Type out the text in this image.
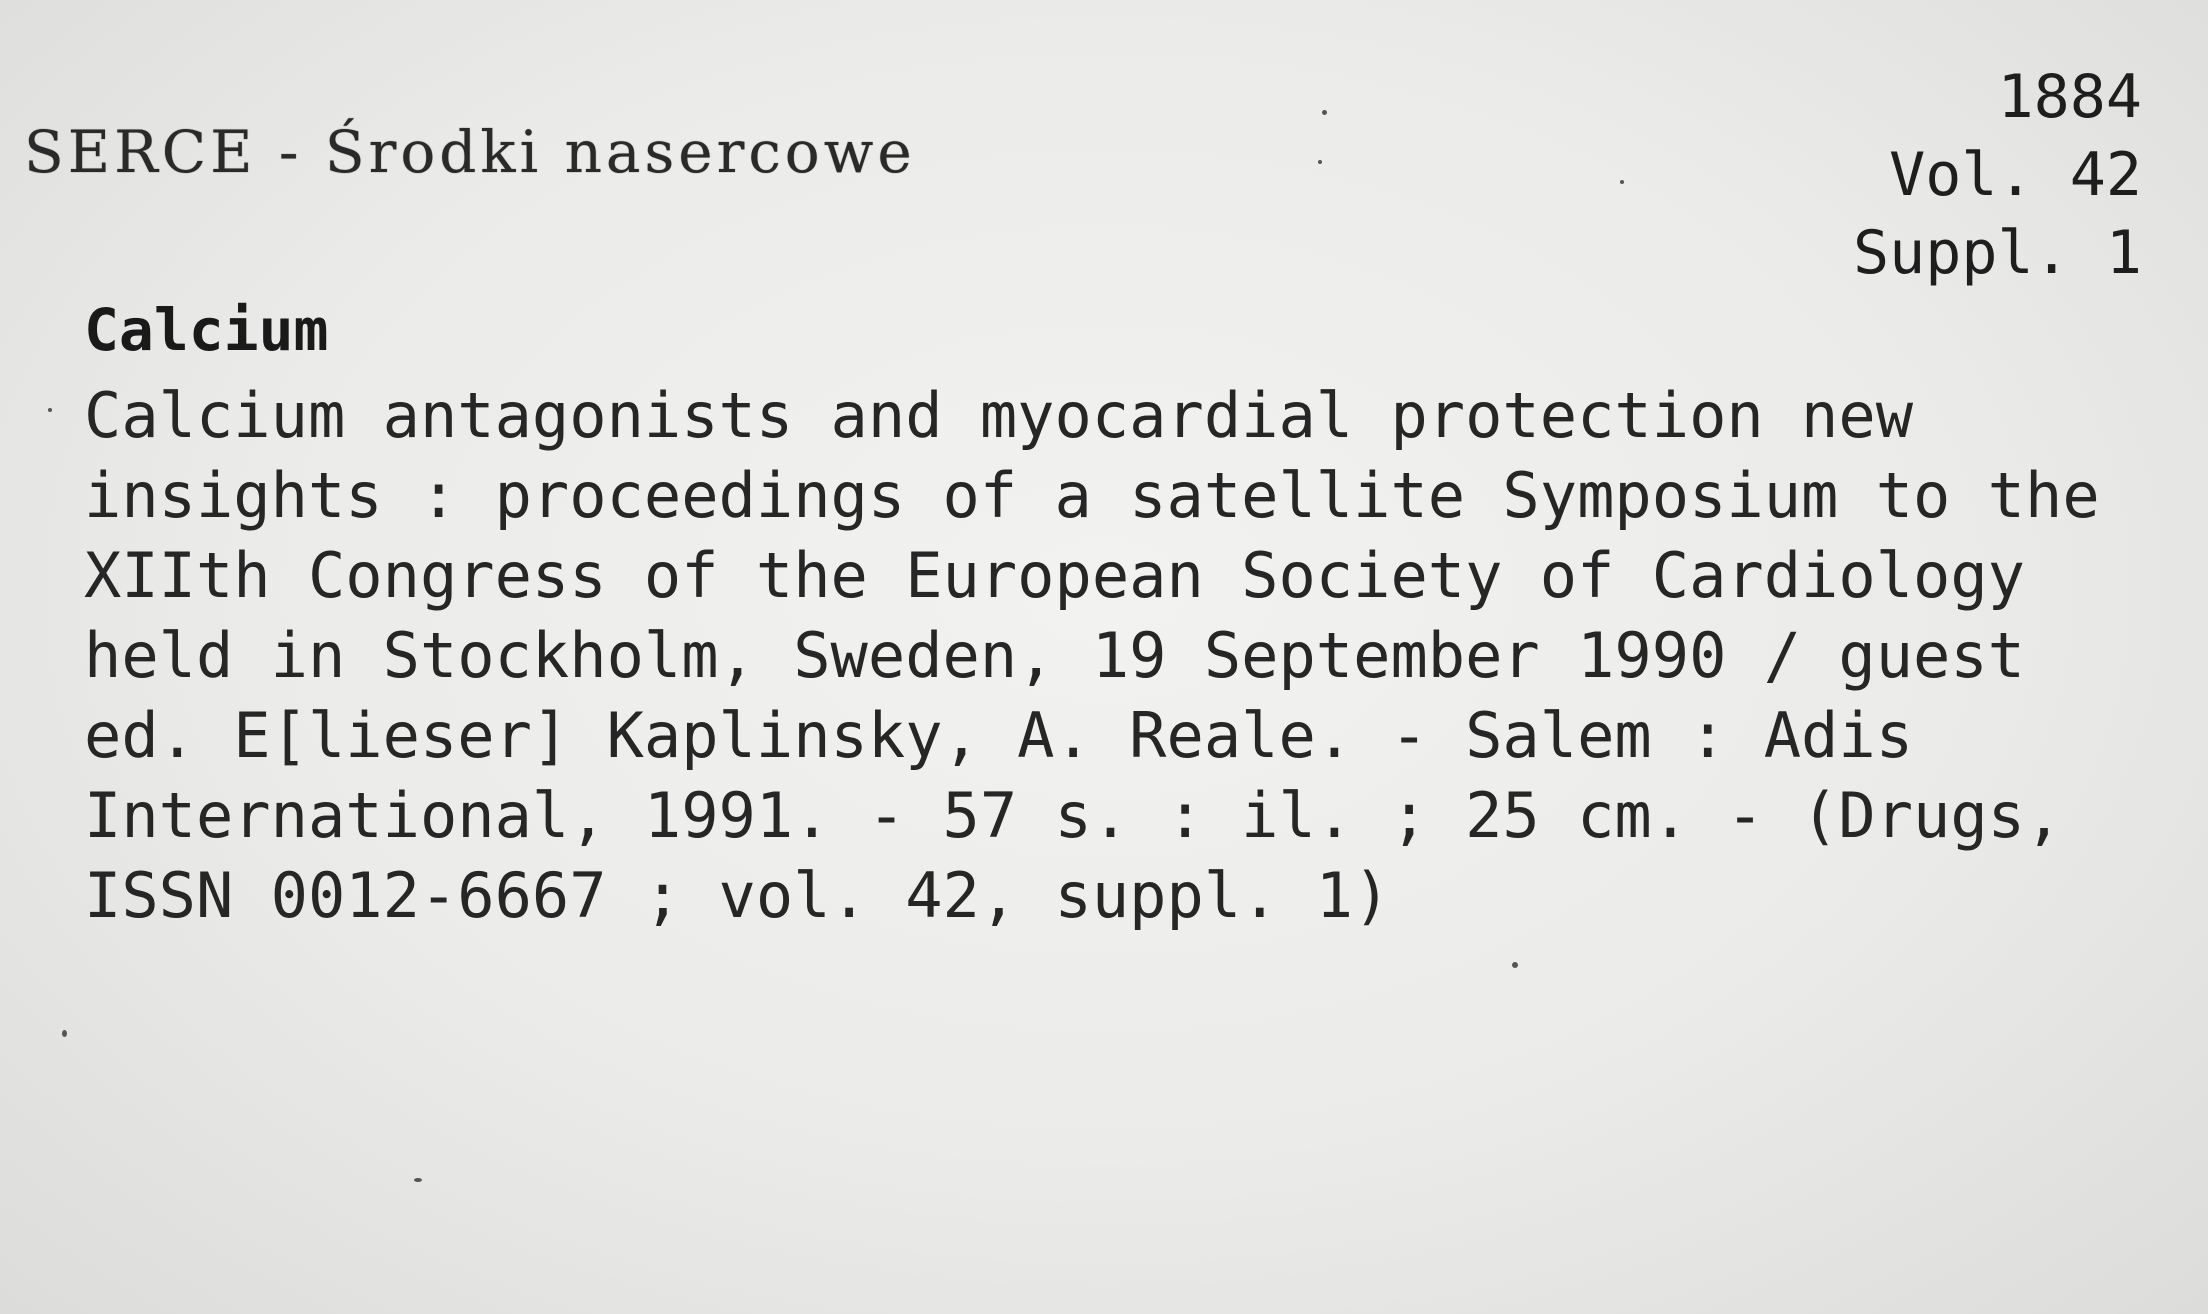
SERCE - Środki nasercowe
1884
Vol. 42
Suppl. 1
Calcium
Calcium antagonists and myocardial protection new
insights : proceedings of a satellite Symposium to the
XIIth Congress of the European Society of Cardiology
held in Stockholm, Sweden, 19 September 1990 / guest
ed. E[lieser] Kaplinsky, A. Reale. - Salem : Adis
International, 1991. - 57 s. : il. ; 25 cm. - (Drugs,
ISSN 0012-6667 ; vol. 42, suppl. 1)
